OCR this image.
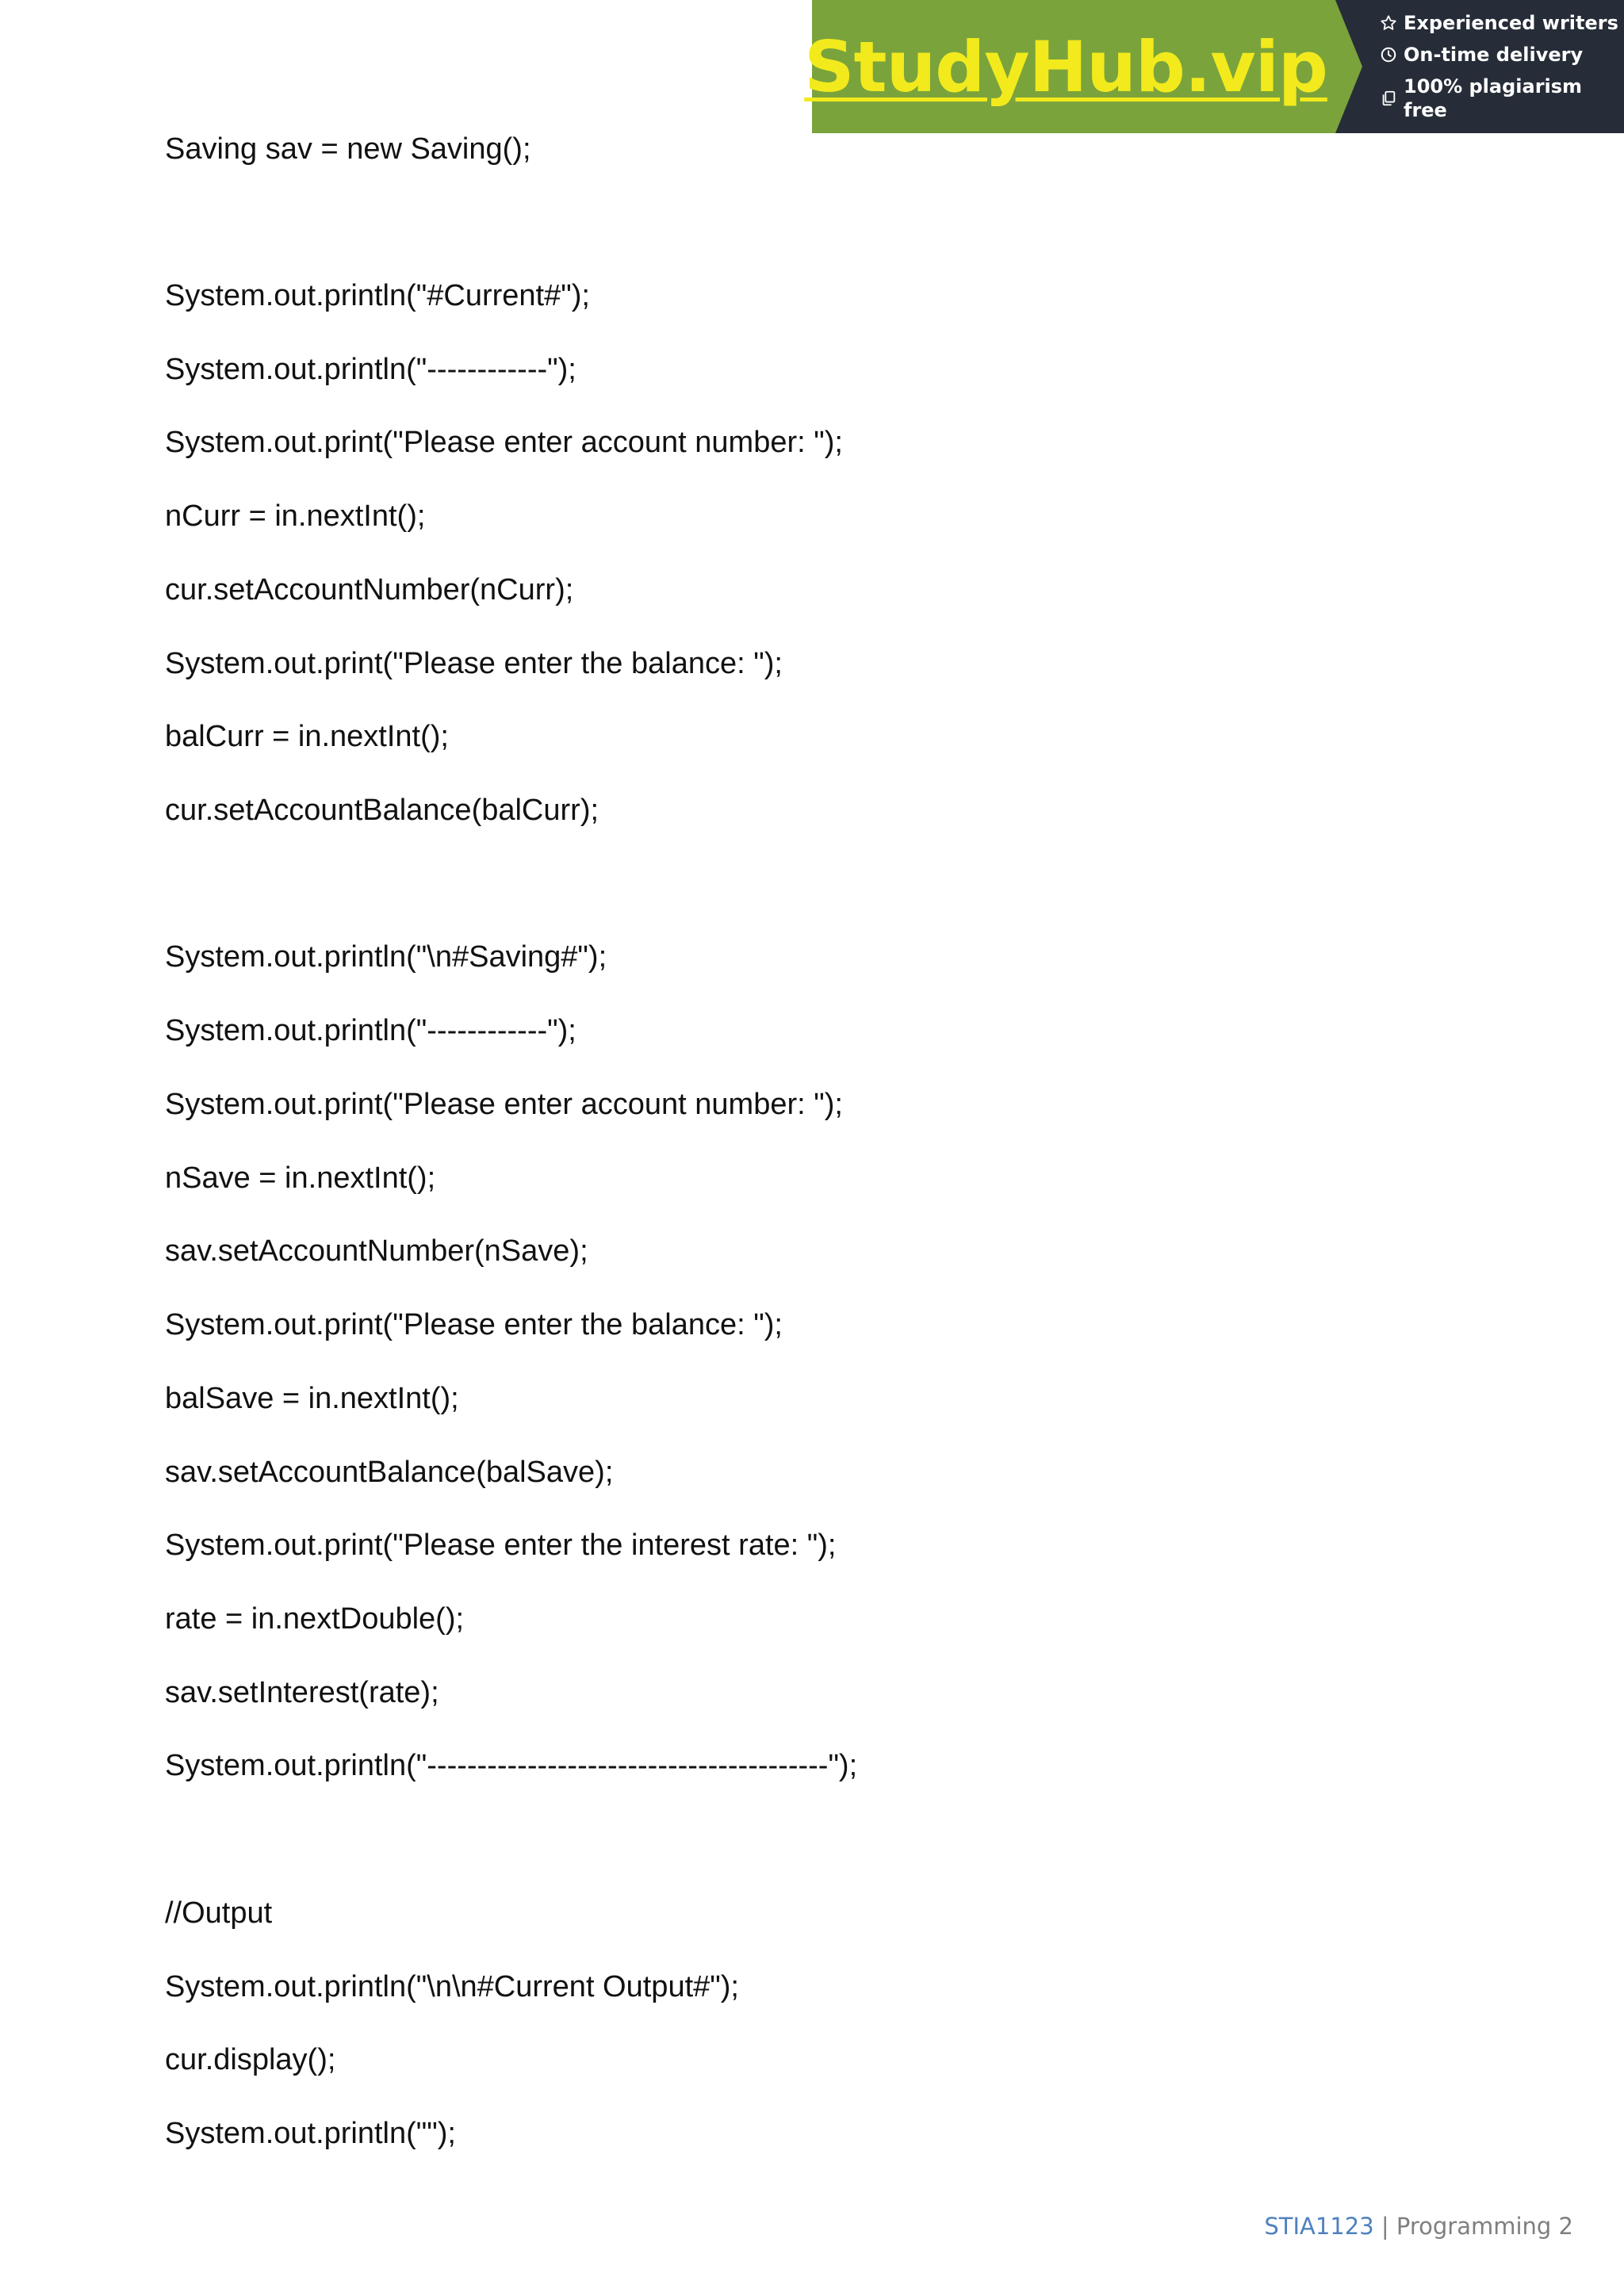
StudyHub.vip
Experienced writers
On-time delivery
100% plagiarism free
Saving sav = new Saving();
System.out.println("#Current#");
System.out.println("------------");
System.out.print("Please enter account number: ");
nCurr = in.nextInt();
cur.setAccountNumber(nCurr);
System.out.print("Please enter the balance: ");
balCurr = in.nextInt();
cur.setAccountBalance(balCurr);
System.out.println("\n#Saving#");
System.out.println("------------");
System.out.print("Please enter account number: ");
nSave = in.nextInt();
sav.setAccountNumber(nSave);
System.out.print("Please enter the balance: ");
balSave = in.nextInt();
sav.setAccountBalance(balSave);
System.out.print("Please enter the interest rate: ");
rate = in.nextDouble();
sav.setInterest(rate);
System.out.println("----------------------------------------");
//Output
System.out.println("\n\n#Current Output#");
cur.display();
System.out.println("");
STIA1123 | Programming 2
